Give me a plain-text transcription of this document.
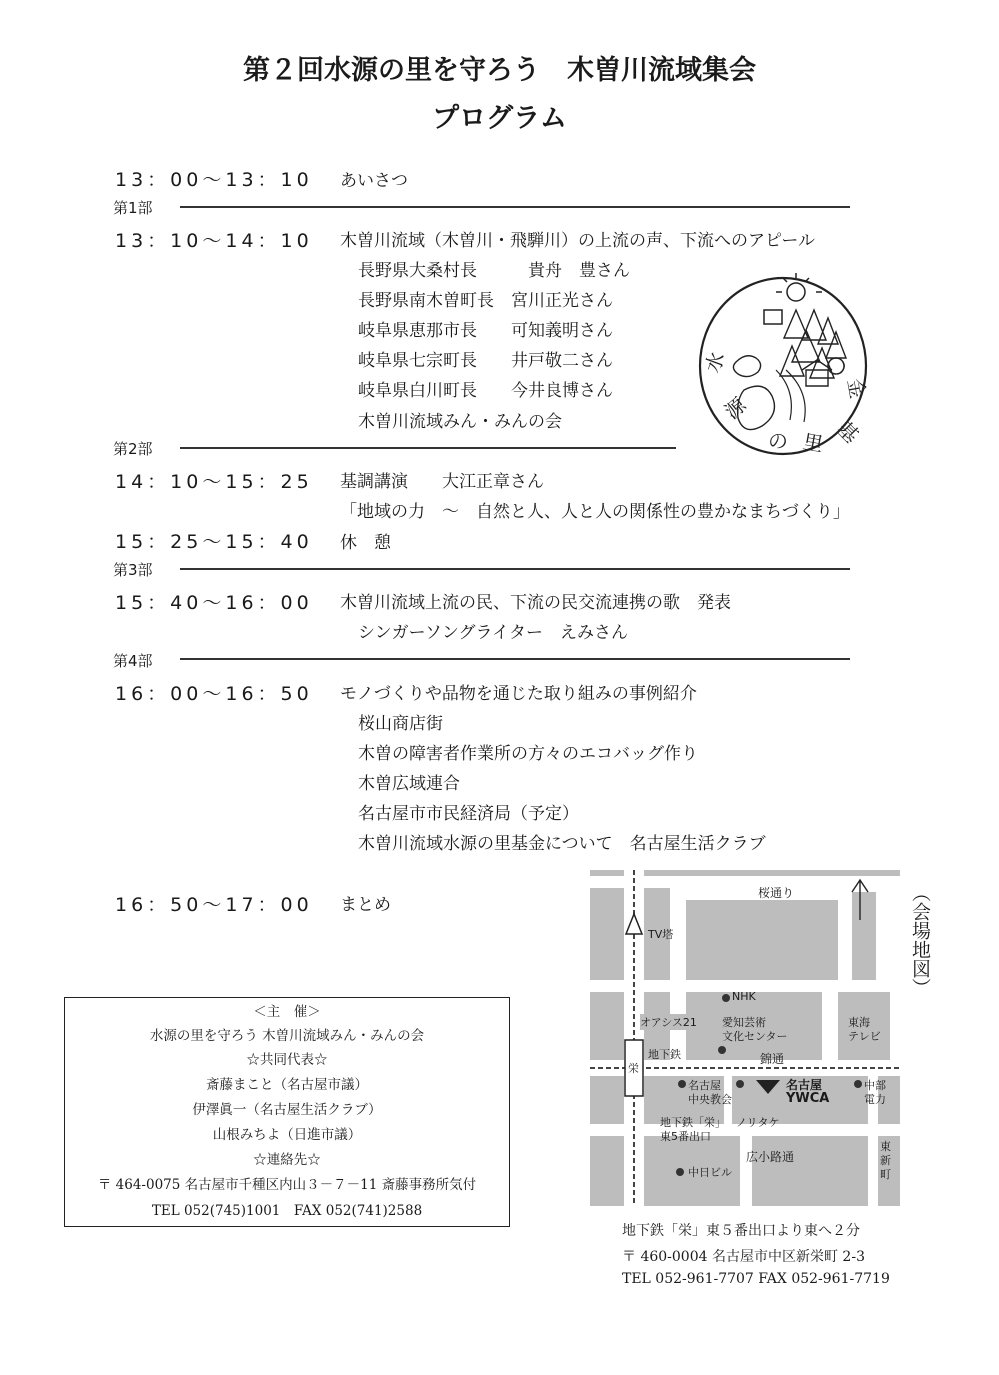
第２回水源の里を守ろう　木曽川流域集会
プログラム
13：00～13：10 あいさつ
第1部
13：10～14：10 木曽川流域（木曽川・飛騨川）の上流の声、下流へのアピール
長野県大桑村長　　　貴舟　豊さん
長野県南木曽町長　宮川正光さん
岐阜県恵那市長　　可知義明さん
岐阜県七宗町長　　井戸敬二さん
岐阜県白川町長　　今井良博さん
木曽川流域みん・みんの会
水
源
の 里 基
金
第2部
14：10～15：25 基調講演　　大江正章さん
「地域の力　～　自然と人、人と人の関係性の豊かなまちづくり」
15：25～15：40 休　憩
第3部
15：40～16：00 木曽川流域上流の民、下流の民交流連携の歌　発表
シンガーソングライター　えみさん
第4部
16：00～16：50 モノづくりや品物を通じた取り組みの事例紹介
桜山商店街
木曽の障害者作業所の方々のエコバッグ作り
木曽広域連合
名古屋市市民経済局（予定）
木曽川流域水源の里基金について　名古屋生活クラブ
16：50～17：00 まとめ
＜主　催＞
水源の里を守ろう 木曽川流域みん・みんの会
☆共同代表☆
斎藤まこと（名古屋市議）
伊澤眞一（名古屋生活クラブ）
山根みちよ（日進市議）
☆連絡先☆
〒 464-0075 名古屋市千種区内山３－７－11 斎藤事務所気付
TEL 052(745)1001　FAX 052(741)2588
桜通り
錦通
広小路通
地下鉄
TV塔
NHK
オアシス21 愛知芸術
文化センター
東海
テレビ
名古屋
中央教会
名古屋
YWCA
中部
電力
地下鉄「栄」
東5番出口
ノリタケ
中日ビル
東
新
町
栄
（会場地図）
地下鉄「栄」東５番出口より東へ２分
〒 460-0004 名古屋市中区新栄町 2-3
TEL 052-961-7707 FAX 052-961-7719
